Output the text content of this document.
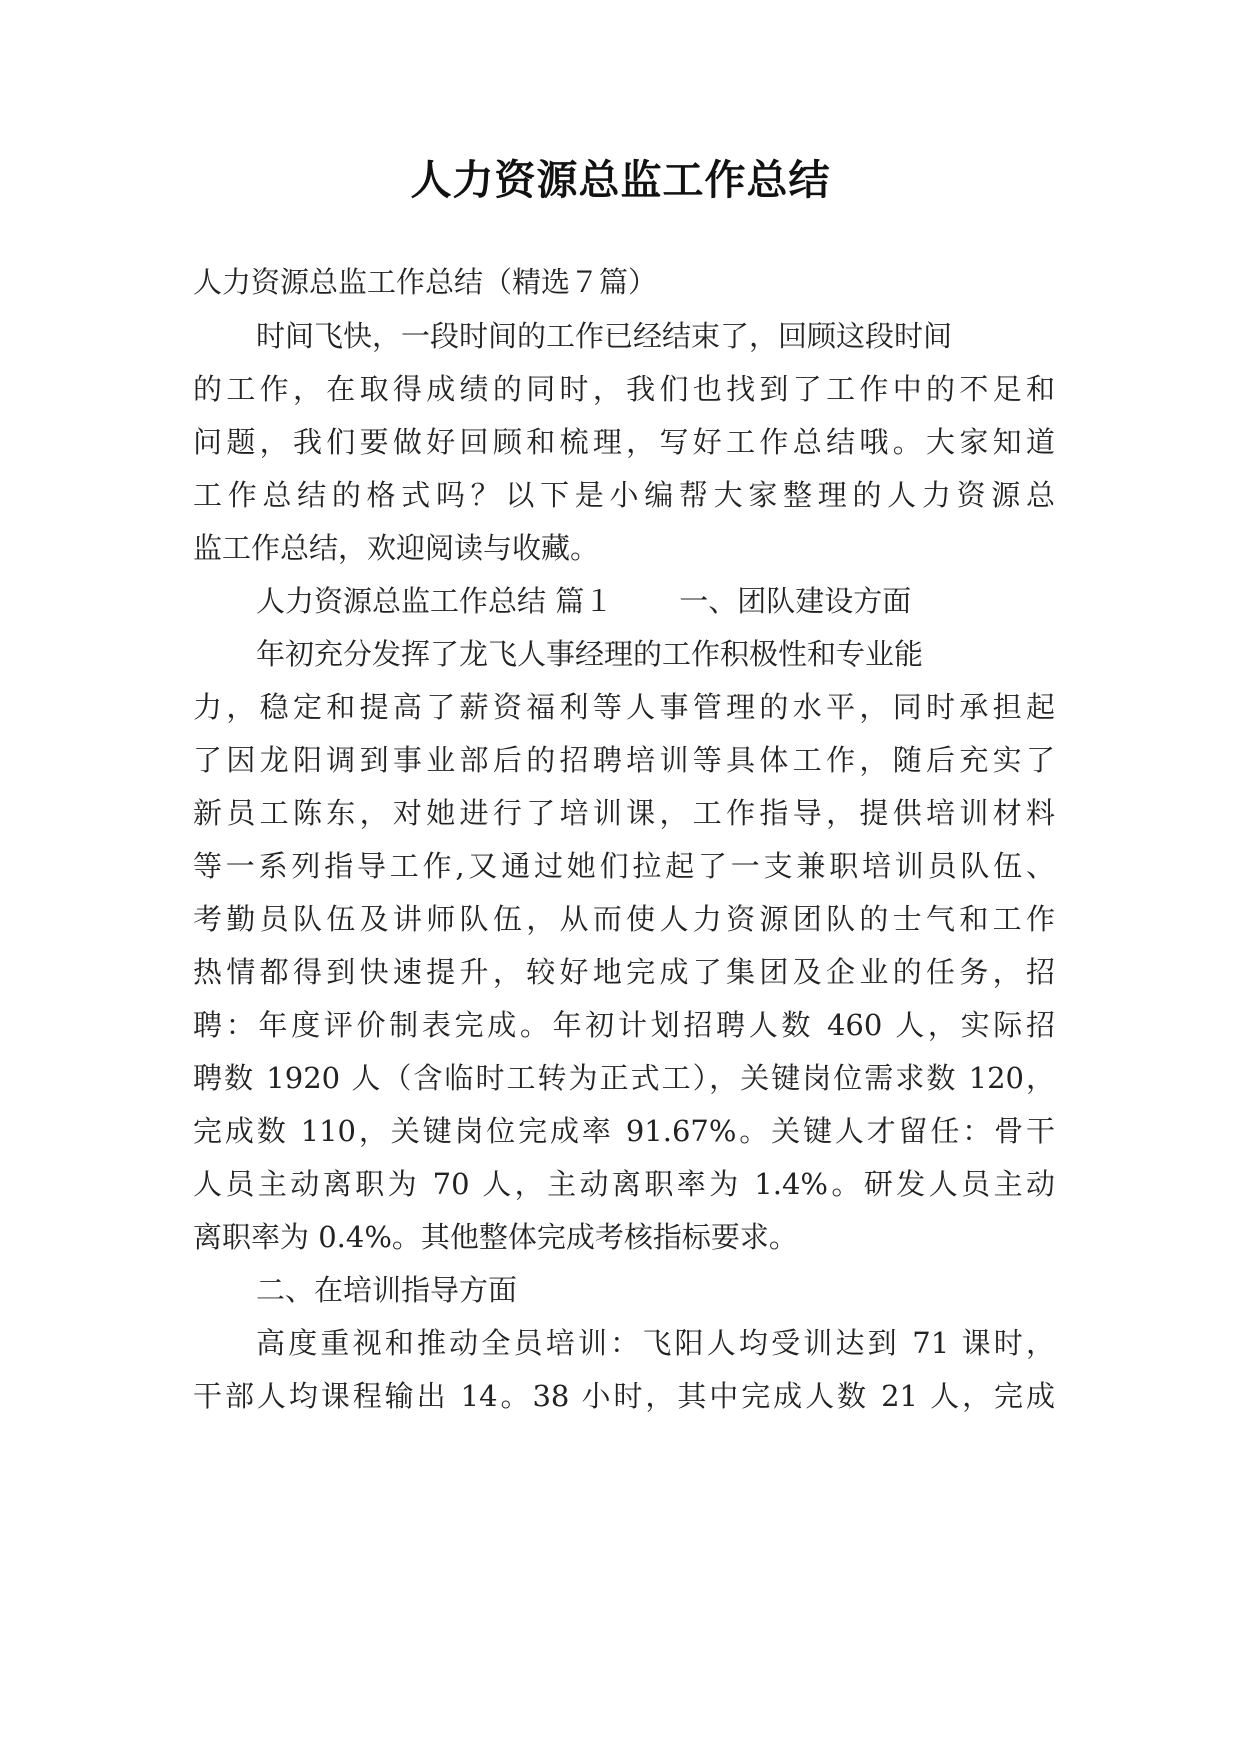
人力资源总监工作总结
人力资源总监工作总结（精选７篇）
时间飞快，一段时间的工作已经结束了，回顾这段时间
的工作，在取得成绩的同时，我们也找到了工作中的不足和
问题，我们要做好回顾和梳理，写好工作总结哦。大家知道
工作总结的格式吗？以下是小编帮大家整理的人力资源总
监工作总结，欢迎阅读与收藏。
人力资源总监工作总结 篇１ 一、团队建设方面
年初充分发挥了龙飞人事经理的工作积极性和专业能
力，稳定和提高了薪资福利等人事管理的水平，同时承担起
了因龙阳调到事业部后的招聘培训等具体工作，随后充实了
新员工陈东，对她进行了培训课，工作指导，提供培训材料
等一系列指导工作,又通过她们拉起了一支兼职培训员队伍、
考勤员队伍及讲师队伍，从而使人力资源团队的士气和工作
热情都得到快速提升，较好地完成了集团及企业的任务，招
聘：年度评价制表完成。年初计划招聘人数 460 人，实际招
聘数 1920 人（含临时工转为正式工），关键岗位需求数 120，
完成数 110，关键岗位完成率 91.67%。关键人才留任：骨干
人员主动离职为 70 人，主动离职率为 1.4%。研发人员主动
离职率为 0.4%。其他整体完成考核指标要求。
二、在培训指导方面
高度重视和推动全员培训：飞阳人均受训达到 71 课时，
干部人均课程输出 14。38 小时，其中完成人数 21 人，完成
